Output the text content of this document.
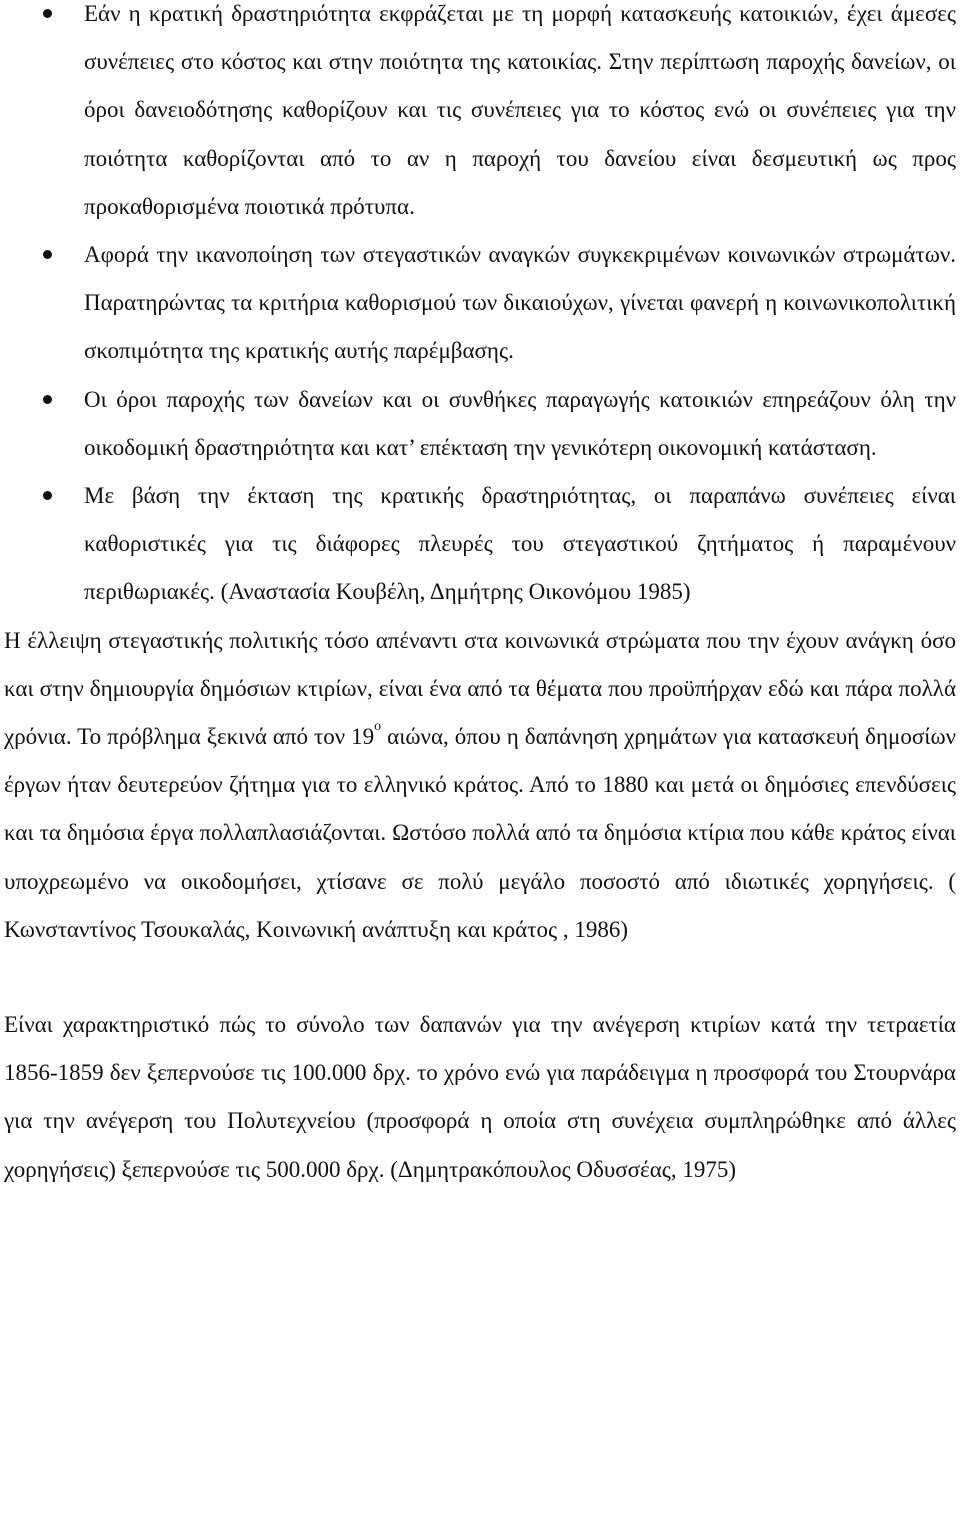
Εάν η κρατική δραστηριότητα εκφράζεται με τη μορφή κατασκευής κατοικιών, έχει άμεσες συνέπειες στο κόστος και στην ποιότητα της κατοικίας. Στην περίπτωση παροχής δανείων, οι όροι δανειοδότησης καθορίζουν και τις συνέπειες για το κόστος ενώ οι συνέπειες για την ποιότητα καθορίζονται από το αν η παροχή του δανείου είναι δεσμευτική ως προς προκαθορισμένα ποιοτικά πρότυπα.
Αφορά την ικανοποίηση των στεγαστικών αναγκών συγκεκριμένων κοινωνικών στρωμάτων. Παρατηρώντας τα κριτήρια καθορισμού των δικαιούχων, γίνεται φανερή η κοινωνικοπολιτική σκοπιμότητα της κρατικής αυτής παρέμβασης.
Οι όροι παροχής των δανείων και οι συνθήκες παραγωγής κατοικιών επηρεάζουν όλη την οικοδομική δραστηριότητα και κατ’ επέκταση την γενικότερη οικονομική κατάσταση.
Με βάση την έκταση της κρατικής δραστηριότητας, οι παραπάνω συνέπειες είναι καθοριστικές για τις διάφορες πλευρές του στεγαστικού ζητήματος ή παραμένουν περιθωριακές. (Αναστασία Κουβέλη, Δημήτρης Οικονόμου 1985)

Η έλλειψη στεγαστικής πολιτικής τόσο απέναντι στα κοινωνικά στρώματα που την έχουν ανάγκη όσο και στην δημιουργία δημόσιων κτιρίων, είναι ένα από τα θέματα που προϋπήρχαν εδώ και πάρα πολλά χρόνια. Το πρόβλημα ξεκινά από τον $19^o$ αιώνα, όπου η δαπάνηση χρημάτων για κατασκευή δημοσίων έργων ήταν δευτερεύον ζήτημα για το ελληνικό κράτος. Από το 1880 και μετά οι δημόσιες επενδύσεις και τα δημόσια έργα πολλαπλασιάζονται. Ωστόσο πολλά από τα δημόσια κτίρια που κάθε κράτος είναι υποχρεωμένο να οικοδομήσει, χτίσανε σε πολύ μεγάλο ποσοστό από ιδιωτικές χορηγήσεις. ( Κωνσταντίνος Τσουκαλάς, Κοινωνική ανάπτυξη και κράτος , 1986)

Είναι χαρακτηριστικό πώς το σύνολο των δαπανών για την ανέγερση κτιρίων κατά την τετραετία 1856-1859 δεν ξεπερνούσε τις 100.000 δρχ. το χρόνο ενώ για παράδειγμα η προσφορά του Στουρνάρα για την ανέγερση του Πολυτεχνείου (προσφορά η οποία στη συνέχεια συμπληρώθηκε από άλλες χορηγήσεις) ξεπερνούσε τις 500.000 δρχ. (Δημητρακόπουλος Οδυσσέας, 1975)
